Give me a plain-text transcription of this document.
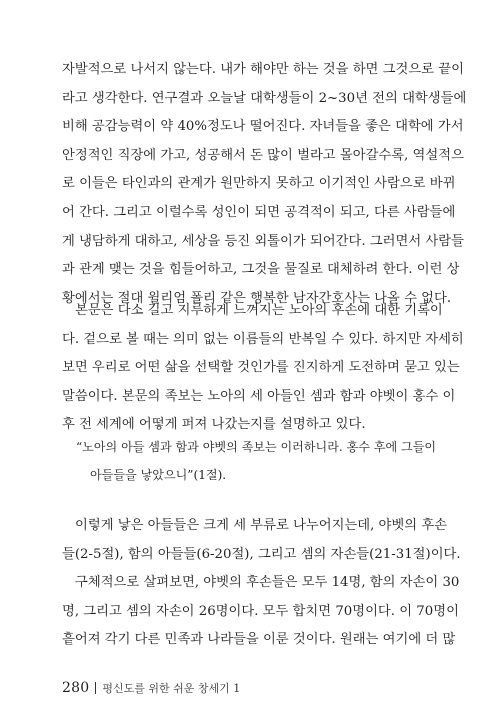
자발적으로 나서지 않는다. 내가 해야만 하는 것을 하면 그것으로 끝이
라고 생각한다. 연구결과 오늘날 대학생들이 2~30년 전의 대학생들에
비해 공감능력이 약 40%정도나 떨어진다. 자녀들을 좋은 대학에 가서
안정적인 직장에 가고, 성공해서 돈 많이 벌라고 몰아갈수록, 역설적으
로 이들은 타인과의 관계가 원만하지 못하고 이기적인 사람으로 바뀌
어 간다. 그리고 이럴수록 성인이 되면 공격적이 되고, 다른 사람들에
게 냉담하게 대하고, 세상을 등진 외톨이가 되어간다. 그러면서 사람들
과 관계 맺는 것을 힘들어하고, 그것을 물질로 대체하려 한다. 이런 상
황에서는 절대 윌리엄 폴리 같은 행복한 남자간호사는 나올 수 없다.
본문은 다소 길고 지루하게 느껴지는 노아의 후손에 대한 기록이
다. 겉으로 볼 때는 의미 없는 이름들의 반복일 수 있다. 하지만 자세히
보면 우리로 어떤 삶을 선택할 것인가를 진지하게 도전하며 묻고 있는
말씀이다. 본문의 족보는 노아의 세 아들인 셈과 함과 야벳이 홍수 이
후 전 세계에 어떻게 퍼져 나갔는지를 설명하고 있다.
“노아의 아들 셈과 함과 야벳의 족보는 이러하니라. 홍수 후에 그들이
아들들을 낳았으니”(1절).
이렇게 낳은 아들들은 크게 세 부류로 나누어지는데, 야벳의 후손
들(2-5절), 함의 아들들(6-20절), 그리고 셈의 자손들(21-31절)이다.
구체적으로 살펴보면, 야벳의 후손들은 모두 14명, 함의 자손이 30
명, 그리고 셈의 자손이 26명이다. 모두 합치면 70명이다. 이 70명이
흩어져 각기 다른 민족과 나라들을 이룬 것이다. 원래는 여기에 더 많
280 평신도를 위한 쉬운 창세기 1
